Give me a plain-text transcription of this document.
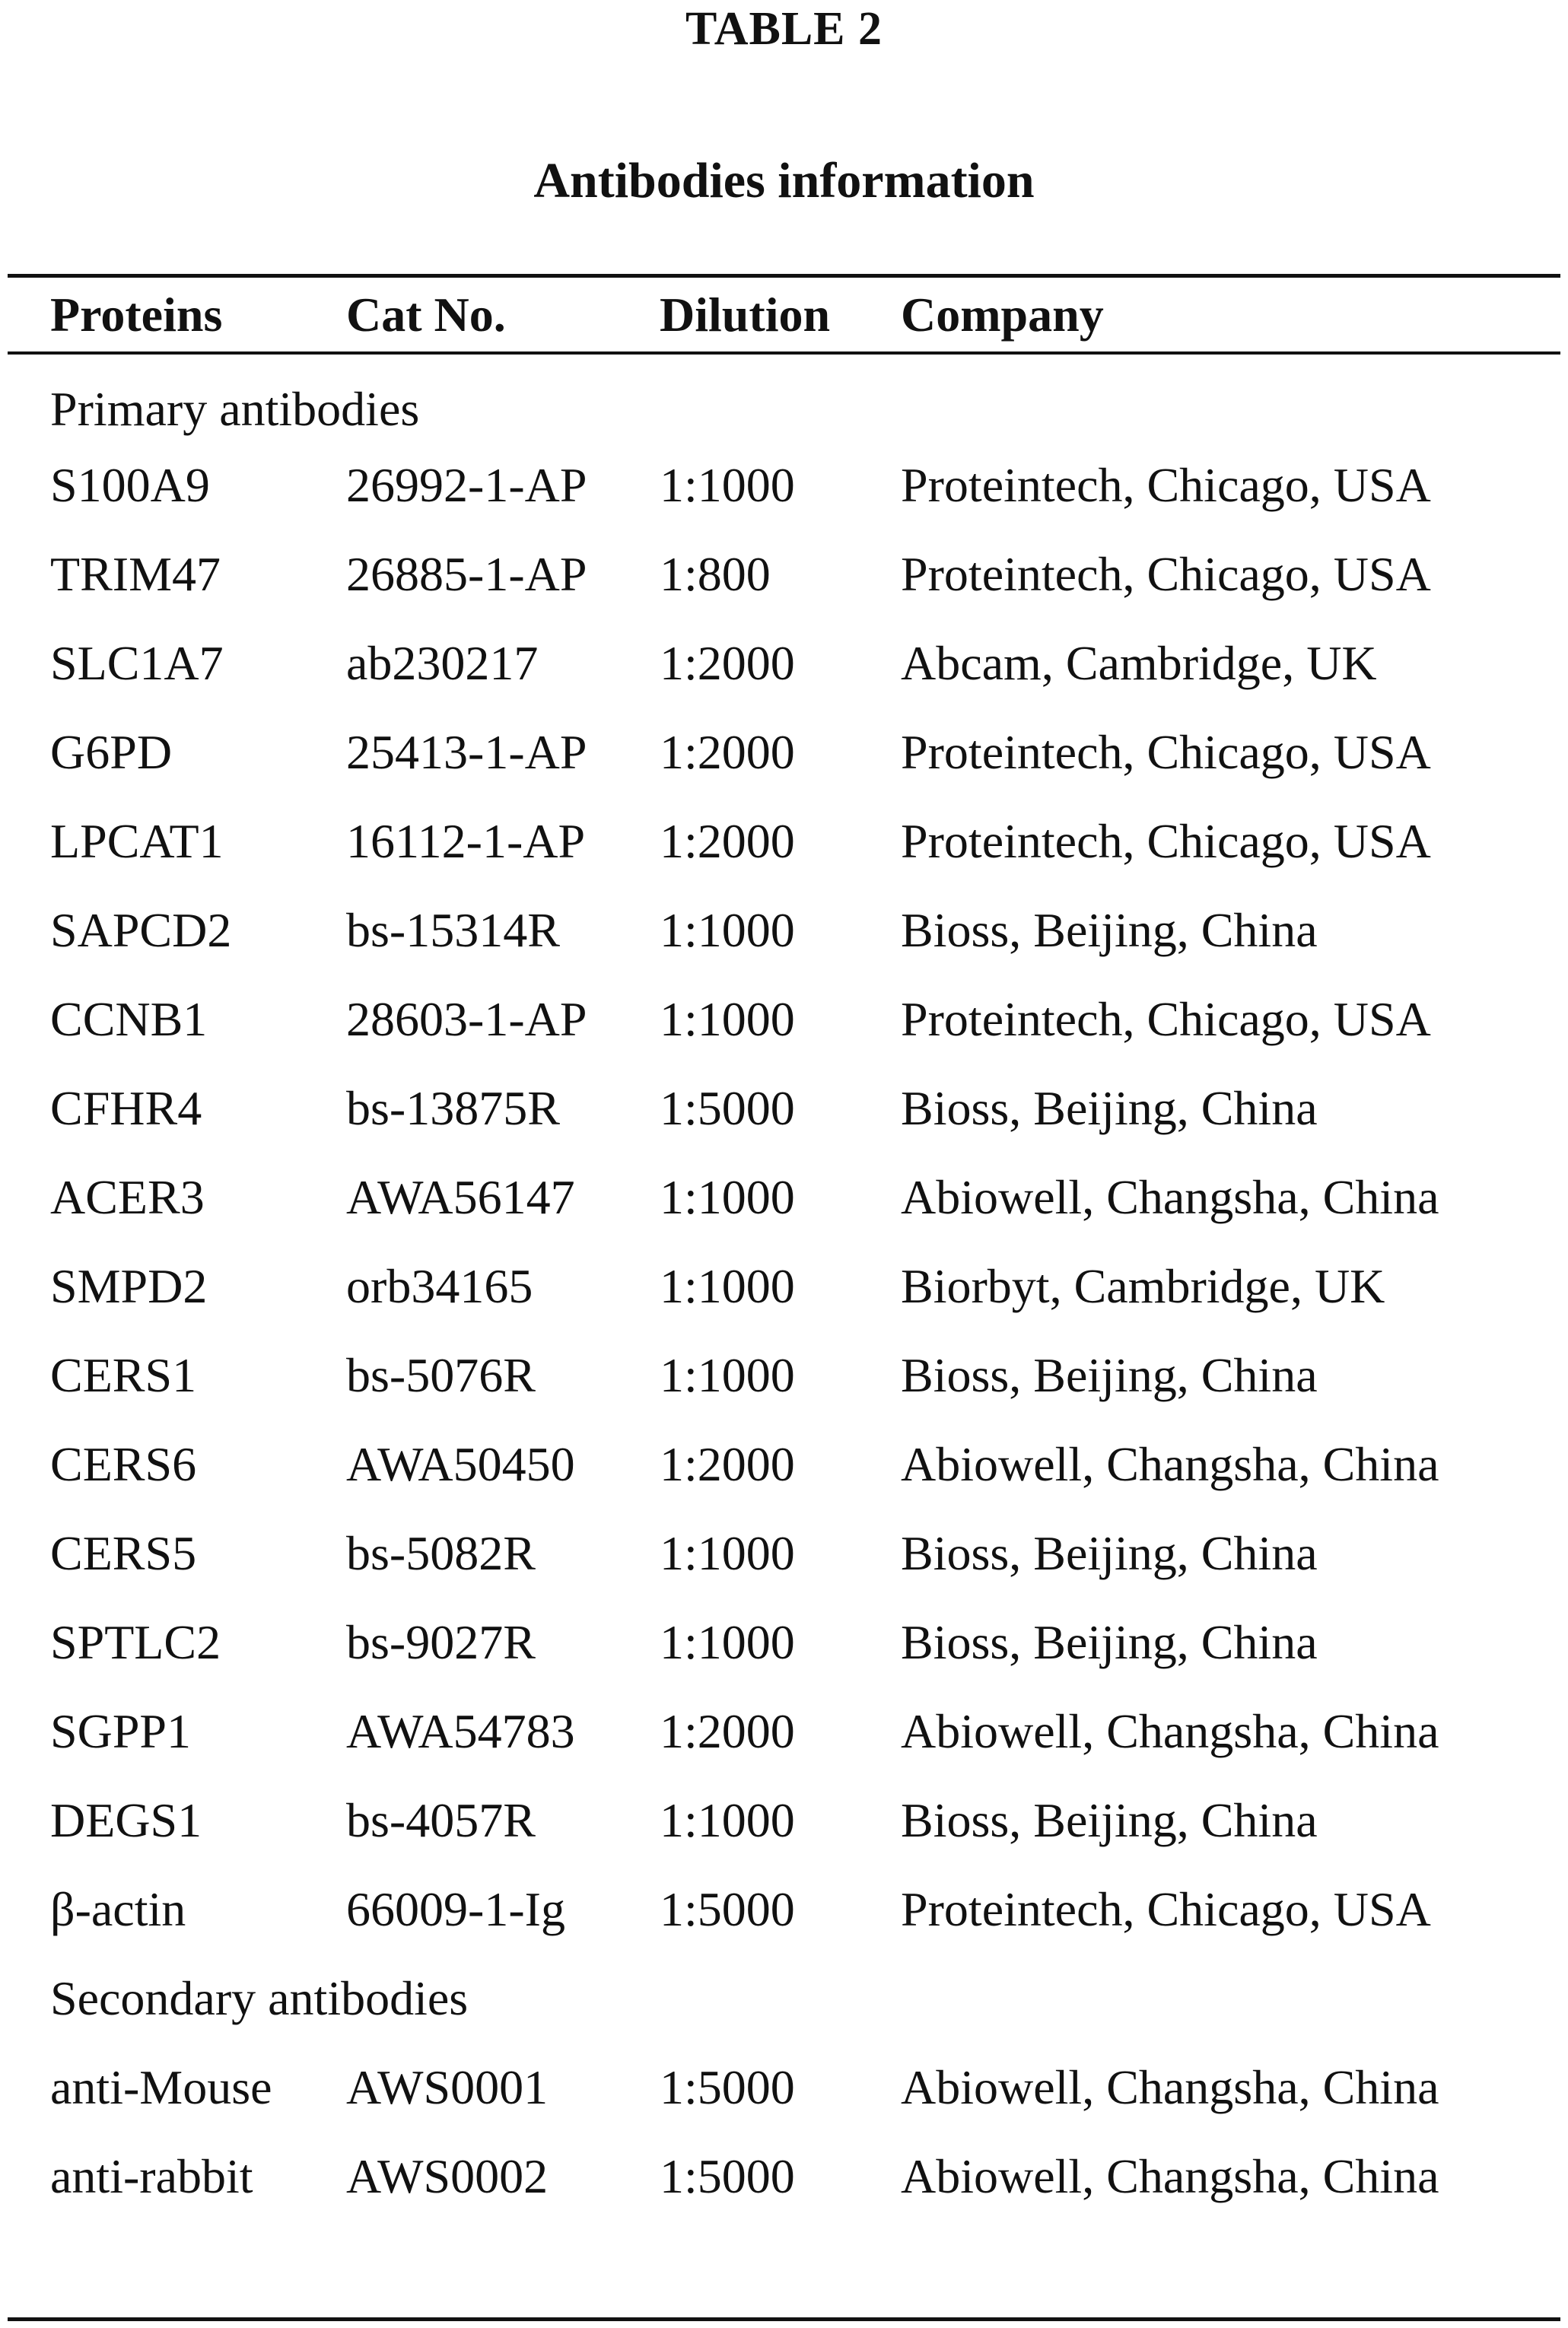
TABLE 2
Antibodies information
Proteins	Cat No.	Dilution	Company
Primary antibodies			
S100A9	26992-1-AP	1:1000	Proteintech, Chicago, USA
TRIM47	26885-1-AP	1:800	Proteintech, Chicago, USA
SLC1A7	ab230217	1:2000	Abcam, Cambridge, UK
G6PD	25413-1-AP	1:2000	Proteintech, Chicago, USA
LPCAT1	16112-1-AP	1:2000	Proteintech, Chicago, USA
SAPCD2	bs-15314R	1:1000	Bioss, Beijing, China
CCNB1	28603-1-AP	1:1000	Proteintech, Chicago, USA
CFHR4	bs-13875R	1:5000	Bioss, Beijing, China
ACER3	AWA56147	1:1000	Abiowell, Changsha, China
SMPD2	orb34165	1:1000	Biorbyt, Cambridge, UK
CERS1	bs-5076R	1:1000	Bioss, Beijing, China
CERS6	AWA50450	1:2000	Abiowell, Changsha, China
CERS5	bs-5082R	1:1000	Bioss, Beijing, China
SPTLC2	bs-9027R	1:1000	Bioss, Beijing, China
SGPP1	AWA54783	1:2000	Abiowell, Changsha, China
DEGS1	bs-4057R	1:1000	Bioss, Beijing, China
β-actin	66009-1-Ig	1:5000	Proteintech, Chicago, USA
Secondary antibodies			
anti-Mouse	AWS0001	1:5000	Abiowell, Changsha, China
anti-rabbit	AWS0002	1:5000	Abiowell, Changsha, China
